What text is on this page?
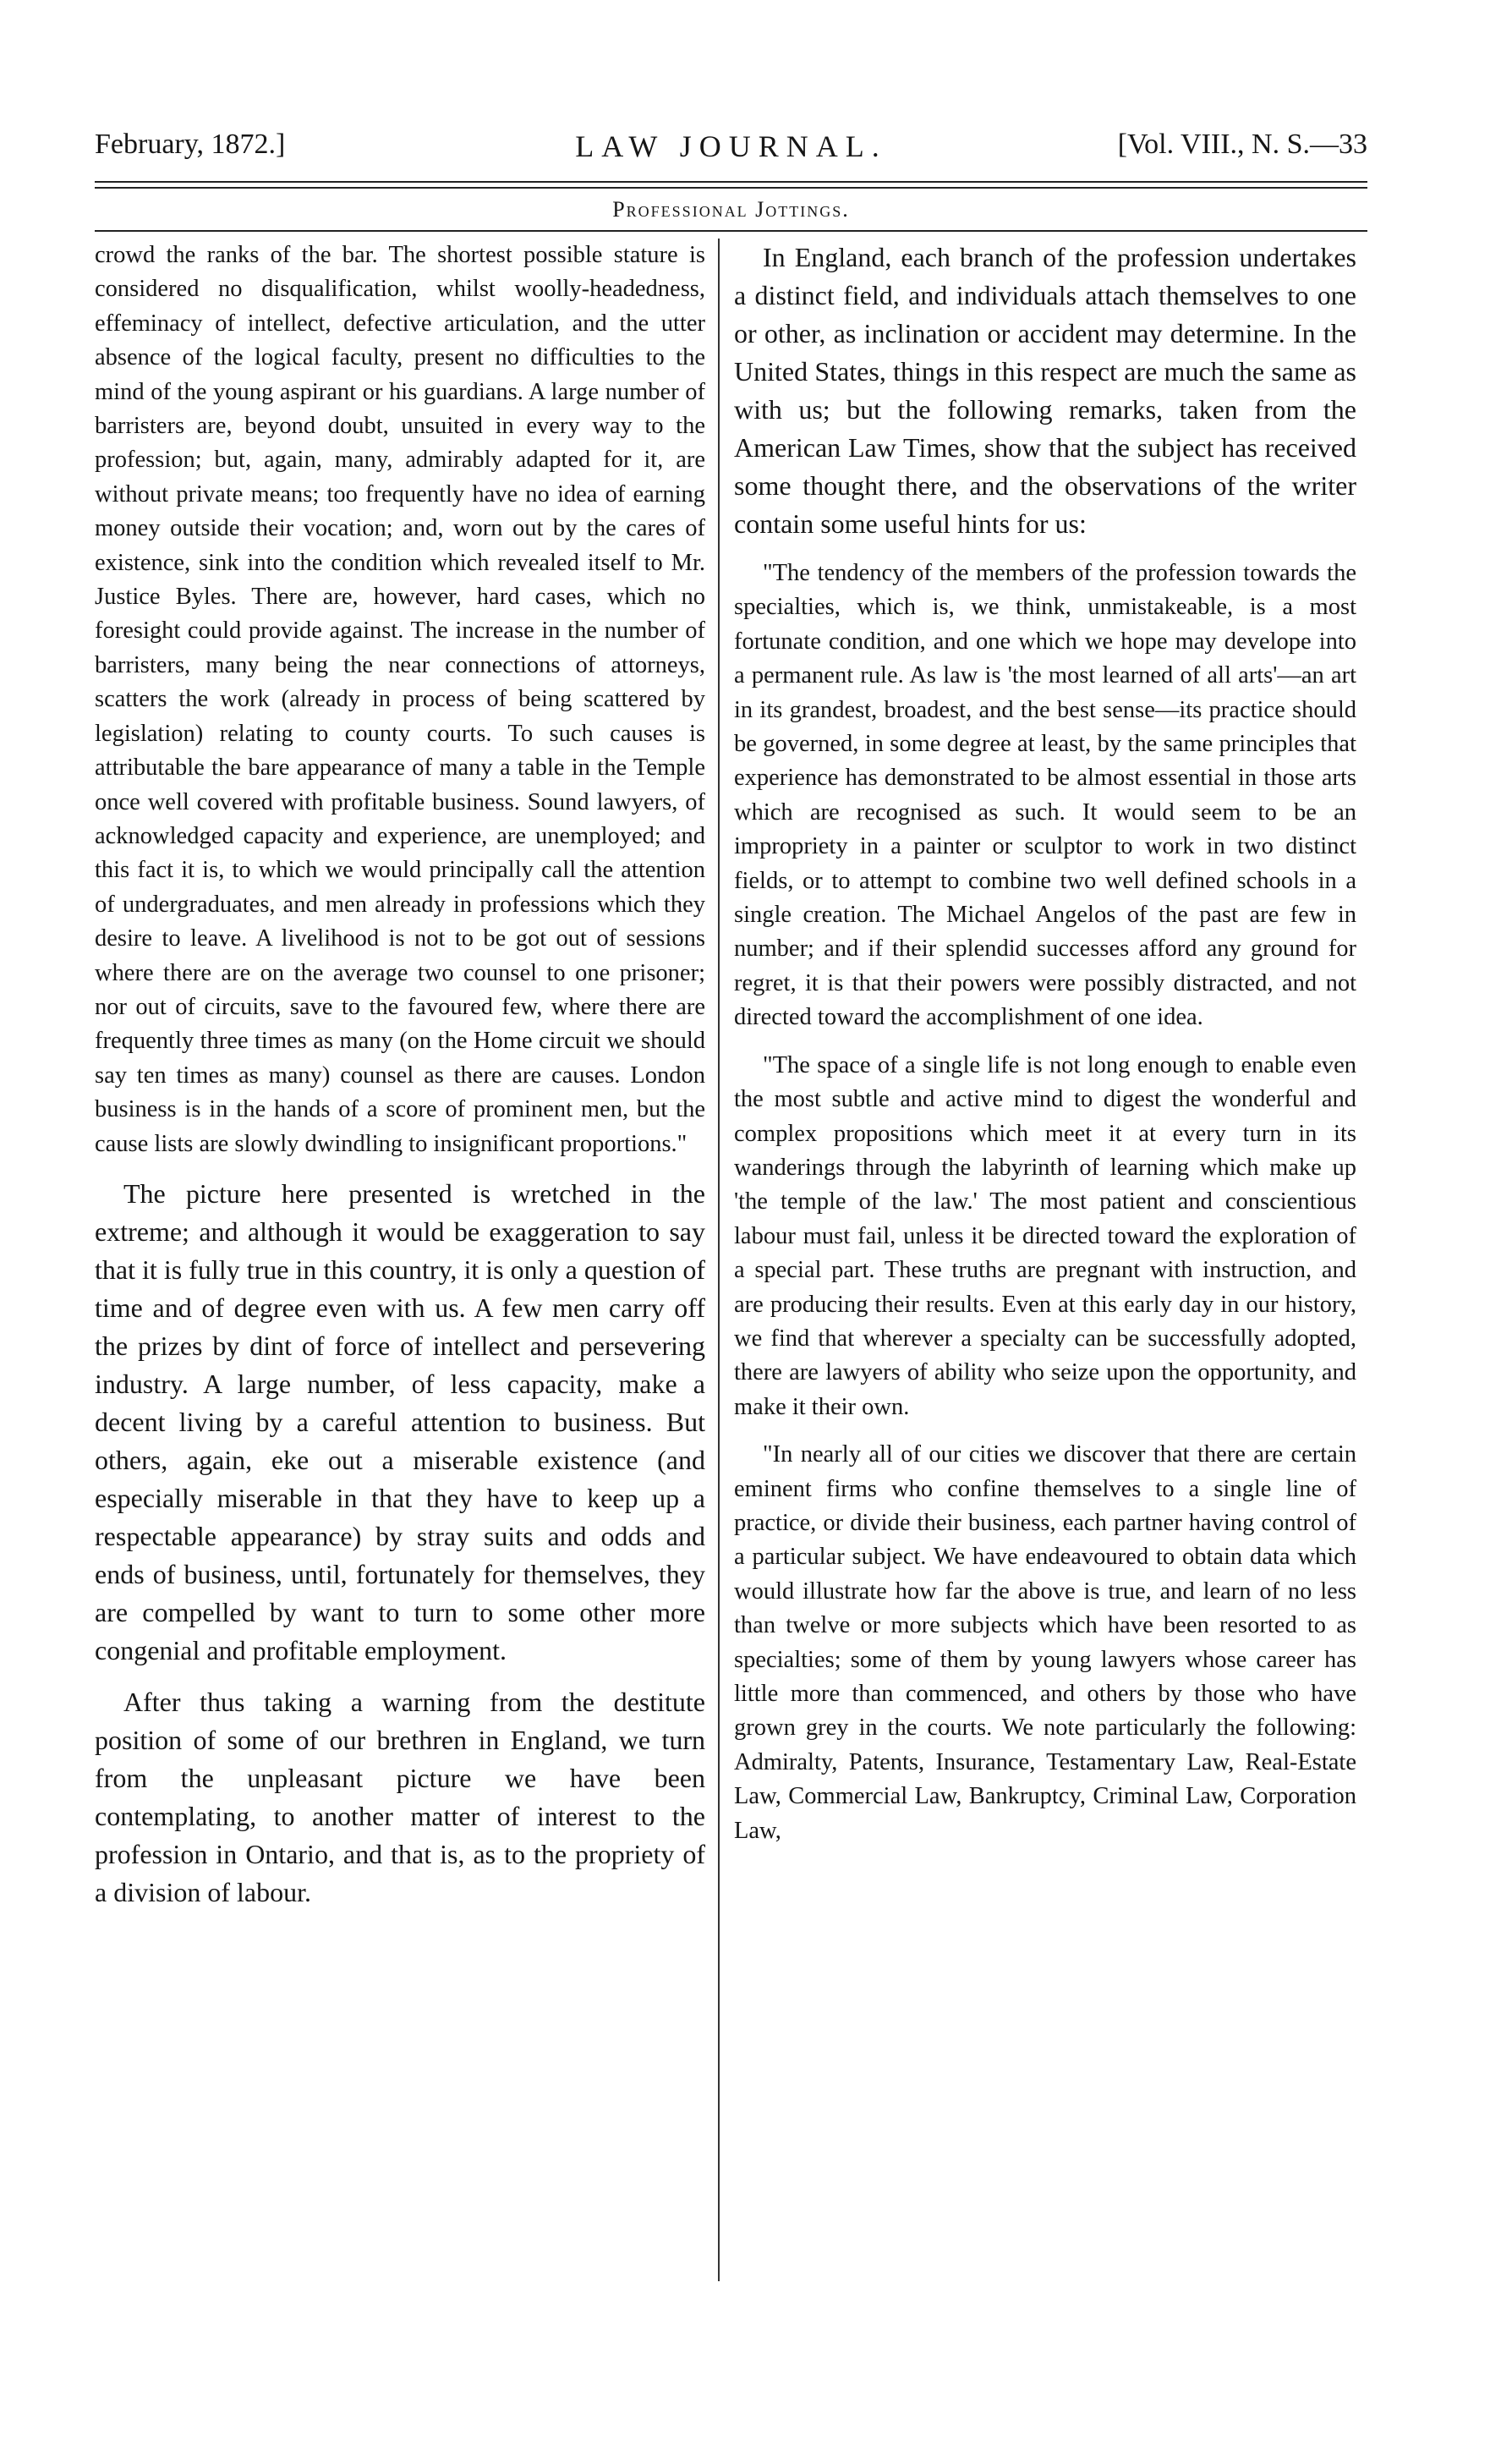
February, 1872.]	LAW JOURNAL.	[Vol. VIII., N. S.—33
Professional Jottings.

crowd the ranks of the bar. The shortest possible stature is considered no disqualification, whilst woolly-headedness, effeminacy of intellect, defective articulation, and the utter absence of the logical faculty, present no difficulties to the mind of the young aspirant or his guardians. A large number of barristers are, beyond doubt, unsuited in every way to the profession; but, again, many, admirably adapted for it, are without private means; too frequently have no idea of earning money outside their vocation; and, worn out by the cares of existence, sink into the condition which revealed itself to Mr. Justice Byles. There are, however, hard cases, which no foresight could provide against. The increase in the number of barristers, many being the near connections of attorneys, scatters the work (already in process of being scattered by legislation) relating to county courts. To such causes is attributable the bare appearance of many a table in the Temple once well covered with profitable business. Sound lawyers, of acknowledged capacity and experience, are unemployed; and this fact it is, to which we would principally call the attention of undergraduates, and men already in professions which they desire to leave. A livelihood is not to be got out of sessions where there are on the average two counsel to one prisoner; nor out of circuits, save to the favoured few, where there are frequently three times as many (on the Home circuit we should say ten times as many) counsel as there are causes. London business is in the hands of a score of prominent men, but the cause lists are slowly dwindling to insignificant proportions."

The picture here presented is wretched in the extreme; and although it would be exaggeration to say that it is fully true in this country, it is only a question of time and of degree even with us. A few men carry off the prizes by dint of force of intellect and persevering industry. A large number, of less capacity, make a decent living by a careful attention to business. But others, again, eke out a miserable existence (and especially miserable in that they have to keep up a respectable appearance) by stray suits and odds and ends of business, until, fortunately for themselves, they are compelled by want to turn to some other more congenial and profitable employment.

After thus taking a warning from the destitute position of some of our brethren in England, we turn from the unpleasant picture we have been contemplating, to another matter of interest to the profession in Ontario, and that is, as to the propriety of a division of labour.

In England, each branch of the profession undertakes a distinct field, and individuals attach themselves to one or other, as inclination or accident may determine. In the United States, things in this respect are much the same as with us; but the following remarks, taken from the American Law Times, show that the subject has received some thought there, and the observations of the writer contain some useful hints for us:

"The tendency of the members of the profession towards the specialties, which is, we think, unmistakeable, is a most fortunate condition, and one which we hope may develope into a permanent rule. As law is 'the most learned of all arts'—an art in its grandest, broadest, and the best sense—its practice should be governed, in some degree at least, by the same principles that experience has demonstrated to be almost essential in those arts which are recognised as such. It would seem to be an impropriety in a painter or sculptor to work in two distinct fields, or to attempt to combine two well defined schools in a single creation. The Michael Angelos of the past are few in number; and if their splendid successes afford any ground for regret, it is that their powers were possibly distracted, and not directed toward the accomplishment of one idea.

"The space of a single life is not long enough to enable even the most subtle and active mind to digest the wonderful and complex propositions which meet it at every turn in its wanderings through the labyrinth of learning which make up 'the temple of the law.' The most patient and conscientious labour must fail, unless it be directed toward the exploration of a special part. These truths are pregnant with instruction, and are producing their results. Even at this early day in our history, we find that wherever a specialty can be successfully adopted, there are lawyers of ability who seize upon the opportunity, and make it their own.

"In nearly all of our cities we discover that there are certain eminent firms who confine themselves to a single line of practice, or divide their business, each partner having control of a particular subject. We have endeavoured to obtain data which would illustrate how far the above is true, and learn of no less than twelve or more subjects which have been resorted to as specialties; some of them by young lawyers whose career has little more than commenced, and others by those who have grown grey in the courts. We note particularly the following: Admiralty, Patents, Insurance, Testamentary Law, Real-Estate Law, Commercial Law, Bankruptcy, Criminal Law, Corporation Law,
